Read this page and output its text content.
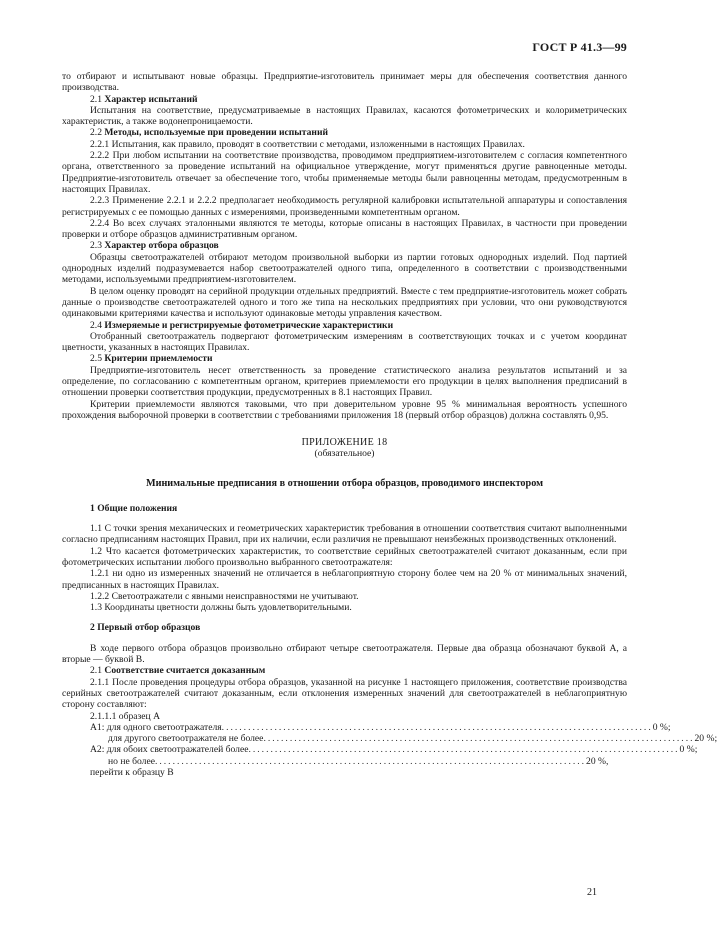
ГОСТ Р 41.3—99

то отбирают и испытывают новые образцы. Предприятие-изготовитель принимает меры для обеспечения соответствия данного производства.

2.1 Характер испытаний

Испытания на соответствие, предусматриваемые в настоящих Правилах, касаются фотометрических и колориметрических характеристик, а также водонепроницаемости.

2.2 Методы, используемые при проведении испытаний

2.2.1 Испытания, как правило, проводят в соответствии с методами, изложенными в настоящих Правилах.

2.2.2 При любом испытании на соответствие производства, проводимом предприятием-изготовителем с согласия компетентного органа, ответственного за проведение испытаний на официальное утверждение, могут применяться другие равноценные методы. Предприятие-изготовитель отвечает за обеспечение того, чтобы применяемые методы были равноценны методам, предусмотренным в настоящих Правилах.

2.2.3 Применение 2.2.1 и 2.2.2 предполагает необходимость регулярной калибровки испытательной аппаратуры и сопоставления регистрируемых с ее помощью данных с измерениями, произведенными компетентным органом.

2.2.4 Во всех случаях эталонными являются те методы, которые описаны в настоящих Правилах, в частности при проведении проверки и отборе образцов административным органом.

2.3 Характер отбора образцов

Образцы светоотражателей отбирают методом произвольной выборки из партии готовых однородных изделий. Под партией однородных изделий подразумевается набор светоотражателей одного типа, определенного в соответствии с производственными методами, используемыми предприятием-изготовителем.

В целом оценку проводят на серийной продукции отдельных предприятий. Вместе с тем предприятие-изготовитель может собрать данные о производстве светоотражателей одного и того же типа на нескольких предприятиях при условии, что они руководствуются одинаковыми критериями качества и используют одинаковые методы управления качеством.

2.4 Измеряемые и регистрируемые фотометрические характеристики

Отобранный светоотражатель подвергают фотометрическим измерениям в соответствующих точках и с учетом координат цветности, указанных в настоящих Правилах.

2.5 Критерии приемлемости

Предприятие-изготовитель несет ответственность за проведение статистического анализа результатов испытаний и за определение, по согласованию с компетентным органом, критериев приемлемости его продукции в целях выполнения предписаний в отношении проверки соответствия продукции, предусмотренных в 8.1 настоящих Правил.

Критерии приемлемости являются таковыми, что при доверительном уровне 95 % минимальная вероятность успешного прохождения выборочной проверки в соответствии с требованиями приложения 18 (первый отбор образцов) должна составлять 0,95.

ПРИЛОЖЕНИЕ 18
(обязательное)
Минимальные предписания в отношении отбора образцов, проводимого инспектором

1 Общие положения

1.1 С точки зрения механических и геометрических характеристик требования в отношении соответствия считают выполненными согласно предписаниям настоящих Правил, при их наличии, если различия не превышают неизбежных производственных отклонений.

1.2 Что касается фотометрических характеристик, то соответствие серийных светоотражателей считают доказанным, если при фотометрических испытании любого произвольно выбранного светоотражателя:

1.2.1 ни одно из измеренных значений не отличается в неблагоприятную сторону более чем на 20 % от минимальных значений, предписанных в настоящих Правилах.

1.2.2 Светоотражатели с явными неисправностями не учитывают.

1.3 Координаты цветности должны быть удовлетворительными.

2 Первый отбор образцов

В ходе первого отбора образцов произвольно отбирают четыре светоотражателя. Первые два образца обозначают буквой А, а вторые — буквой В.

2.1 Соответствие считается доказанным

2.1.1 После проведения процедуры отбора образцов, указанной на рисунке 1 настоящего приложения, соответствие производства серийных светоотражателей считают доказанным, если отклонения измеренных значений для светоотражателей в неблагоприятную сторону составляют:

2.1.1.1 образец А

А1: для одного светоотражателя .................................................................................................. 0 %;
для другого светоотражателя не более .................................................................................................. 20 %;
А2: для обоих светоотражателей более .................................................................................................. 0 %;
но не более .................................................................................................. 20 %,

перейти к образцу В

21
